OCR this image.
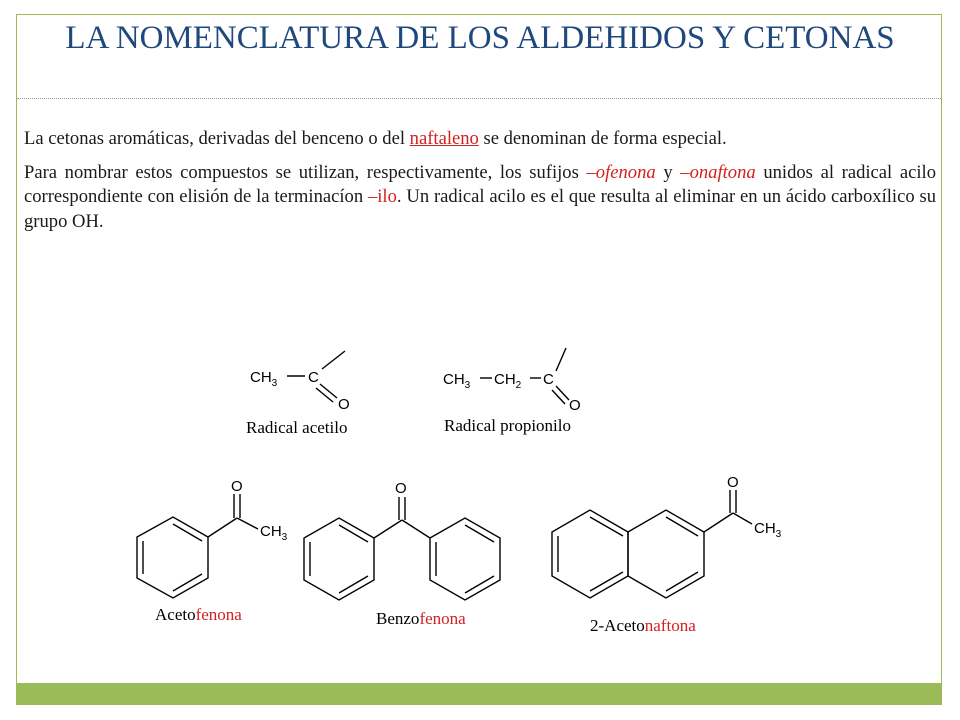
LA NOMENCLATURA DE LOS ALDEHIDOS Y CETONAS

La cetonas aromáticas, derivadas del benceno o del naftaleno se denominan de forma especial.

Para nombrar estos compuestos se utilizan, respectivamente, los sufijos –ofenona y –onaftona unidos al radical acilo correspondiente con elisión de la terminacíon –ilo. Un radical acilo es el que resulta al eliminar en un ácido carboxílico su grupo OH.

$CH_3$ C
O
Radical acetilo
$CH_3$ $CH_2$ C
O
Radical propionilo
O
$CH_3$
Acetofenona
O
Benzofenona
O
$CH_3$
2-Acetonaftona
